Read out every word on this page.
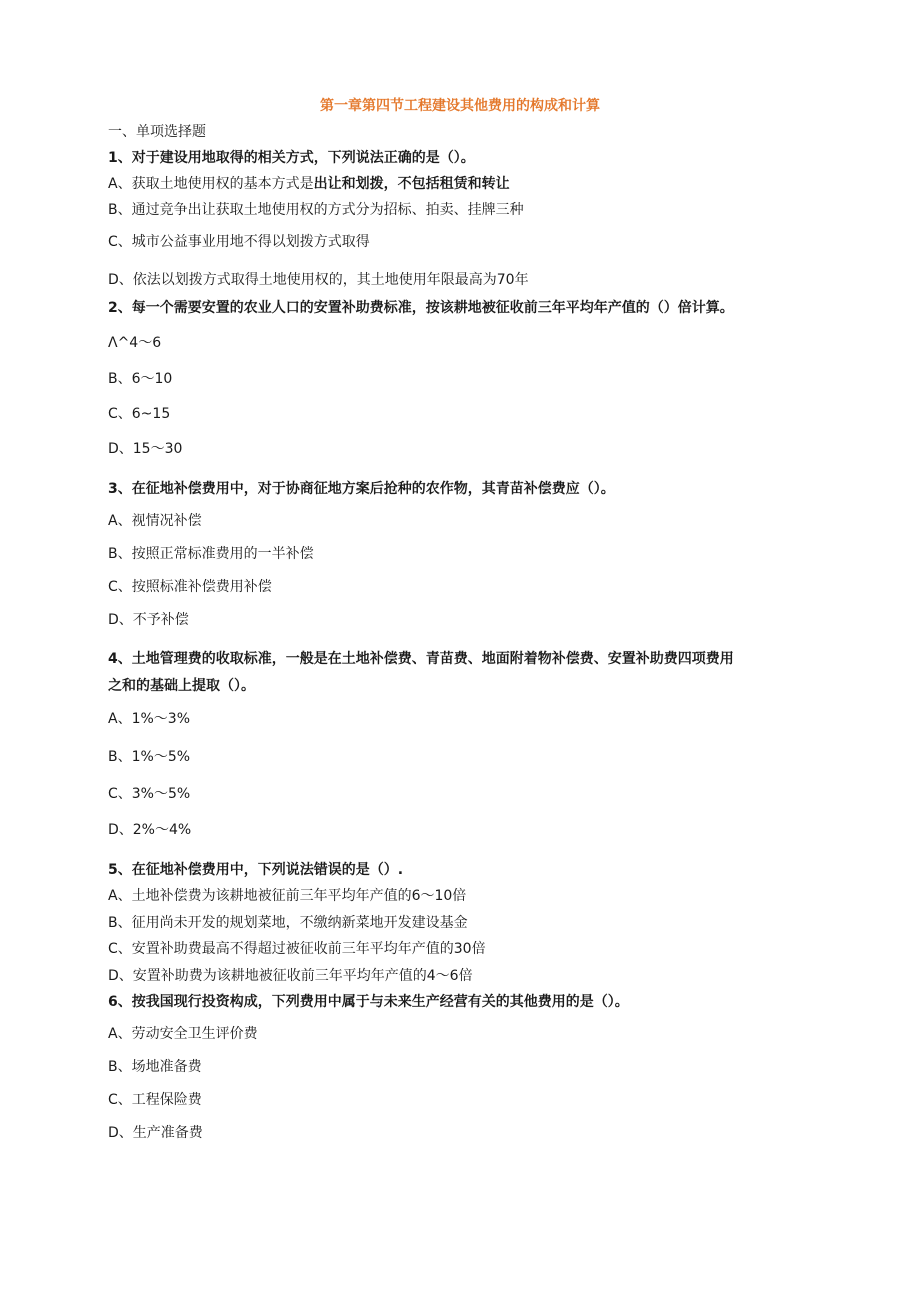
第一章第四节工程建设其他费用的构成和计算
一、单项选择题
1、对于建设用地取得的相关方式，下列说法正确的是（）。
A、获取土地使用权的基本方式是出让和划拨，不包括租赁和转让
B、通过竞争出让获取土地使用权的方式分为招标、拍卖、挂牌三种
C、城市公益事业用地不得以划拨方式取得
D、依法以划拨方式取得土地使用权的，其土地使用年限最高为70年
2、每一个需要安置的农业人口的安置补助费标准，按该耕地被征收前三年平均年产值的（）倍计算。
Λ^4～6
B、6～10
C、6~15
D、15～30
3、在征地补偿费用中，对于协商征地方案后抢种的农作物，其青苗补偿费应（）。
A、视情况补偿
B、按照正常标准费用的一半补偿
C、按照标准补偿费用补偿
D、不予补偿
4、土地管理费的收取标准，一般是在土地补偿费、青苗费、地面附着物补偿费、安置补助费四项费用
之和的基础上提取（）。
A、1%～3%
B、1%～5%
C、3%～5%
D、2%～4%
5、在征地补偿费用中，下列说法错误的是（）.
A、土地补偿费为该耕地被征前三年平均年产值的6～10倍
B、征用尚未开发的规划菜地，不缴纳新菜地开发建设基金
C、安置补助费最高不得超过被征收前三年平均年产值的30倍
D、安置补助费为该耕地被征收前三年平均年产值的4～6倍
6、按我国现行投资构成，下列费用中属于与未来生产经营有关的其他费用的是（）。
A、劳动安全卫生评价费
B、场地准备费
C、工程保险费
D、生产准备费
